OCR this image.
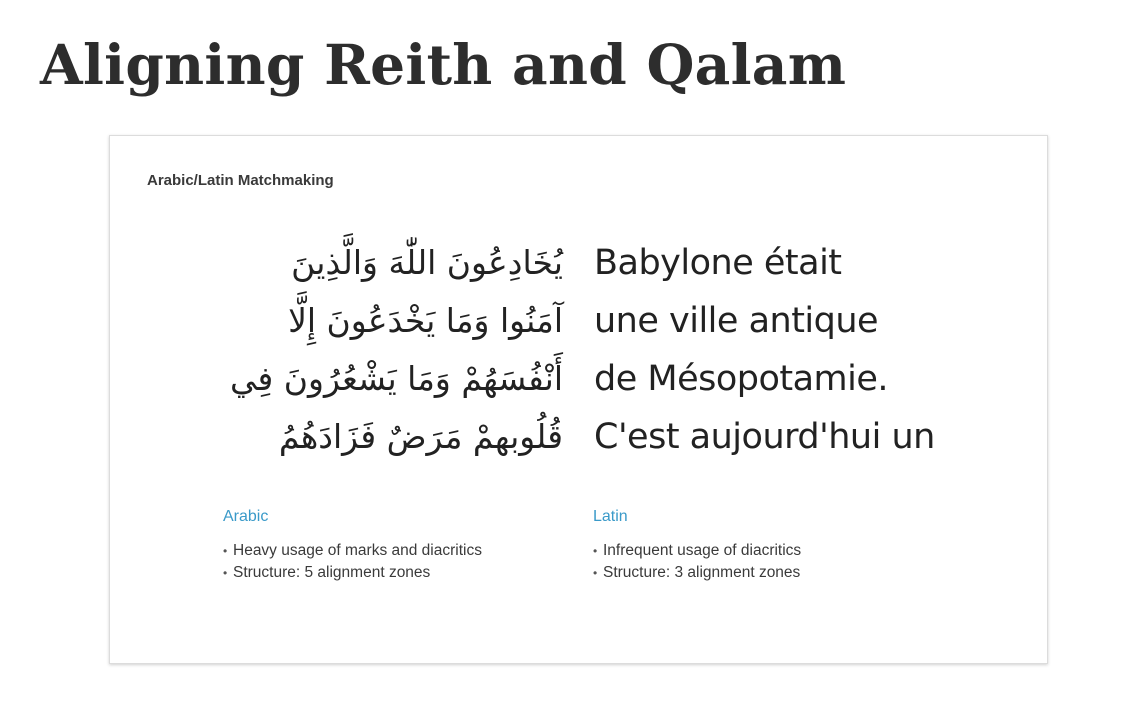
Aligning Reith and Qalam

Arabic/Latin Matchmaking

يُخَادِعُونَ اللّٰهَ وَالَّذِينَ
آمَنُوا وَمَا يَخْدَعُونَ إِلَّا
أَنْفُسَهُمْ وَمَا يَشْعُرُونَ فِي
قُلُوبهمْ مَرَضٌ فَزَادَهُمُ
Babylone était
une ville antique
de Mésopotamie.
C'est aujourd'hui un

Arabic

• Heavy usage of marks and diacritics
• Structure: 5 alignment zones

Latin

• Infrequent usage of diacritics
• Structure: 3 alignment zones
